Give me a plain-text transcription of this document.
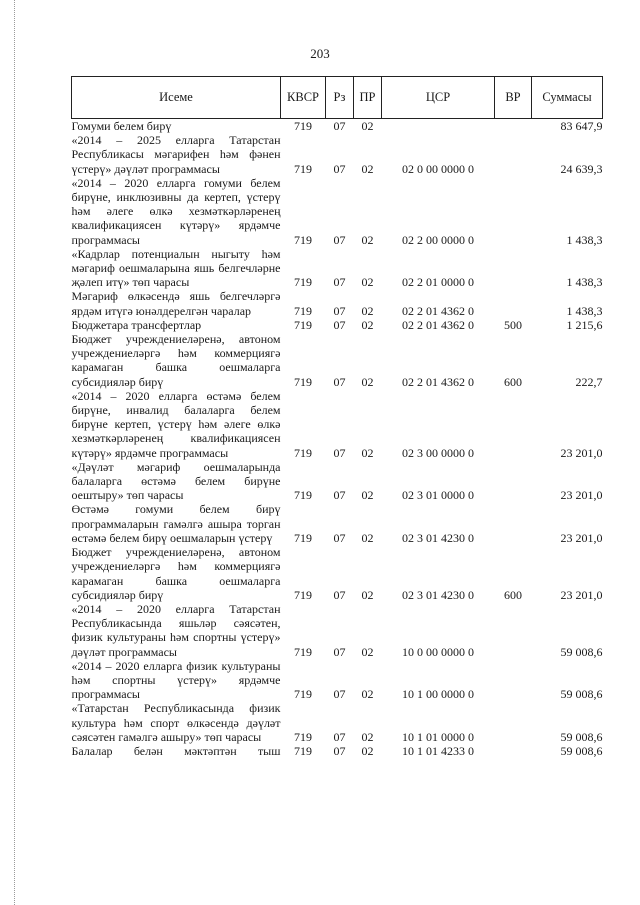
203
Исеме	КВСР	Рз	ПР	ЦСР	ВР	Суммасы
Гомуми белем бирү	719	07	02			83 647,9
«2014 – 2025 елларга Татарстан Республикасы мәгарифен һәм фәнен үстерү» дәүләт программасы	719	07	02	02 0 00 0000 0		24 639,3
«2014 – 2020 елларга гомуми белем бирүне, инклюзивны да кертеп, үстерү һәм әлеге өлкә хезмәткәрләренең квалификациясен күтәрү» ярдәмче программасы	719	07	02	02 2 00 0000 0		1 438,3
«Кадрлар потенциалын ныгыту һәм мәгариф оешмаларына яшь белгечләрне җәлеп итү» төп чарасы	719	07	02	02 2 01 0000 0		1 438,3
Мәгариф өлкәсендә яшь белгечләргә ярдәм итүгә юнәлдерелгән чаралар	719	07	02	02 2 01 4362 0		1 438,3
Бюджетара трансфертлар	719	07	02	02 2 01 4362 0	500	1 215,6
Бюджет учреждениеләренә, автоном учреждениеләргә һәм коммерциягә карамаган башка оешмаларга субсидияләр бирү	719	07	02	02 2 01 4362 0	600	222,7
«2014 – 2020 елларга өстәмә белем бирүне, инвалид балаларга белем бирүне кертеп, үстерү һәм әлеге өлкә хезмәткәрләренең квалификациясен күтәрү» ярдәмче программасы	719	07	02	02 3 00 0000 0		23 201,0
«Дәүләт мәгариф оешмаларында балаларга өстәмә белем бирүне оештыру» төп чарасы	719	07	02	02 3 01 0000 0		23 201,0
Өстәмә гомуми белем бирү программаларын гамәлгә ашыра торган өстәмә белем бирү оешмаларын үстерү	719	07	02	02 3 01 4230 0		23 201,0
Бюджет учреждениеләренә, автоном учреждениеләргә һәм коммерциягә карамаган башка оешмаларга субсидияләр бирү	719	07	02	02 3 01 4230 0	600	23 201,0
«2014 – 2020 елларга Татарстан Республикасында яшьләр сәясәтен, физик культураны һәм спортны үстерү» дәүләт программасы	719	07	02	10 0 00 0000 0		59 008,6
«2014 – 2020 елларга физик культураны һәм спортны үстерү» ярдәмче программасы	719	07	02	10 1 00 0000 0		59 008,6
«Татарстан Республикасында физик культура һәм спорт өлкәсендә дәүләт сәясәтен гамәлгә ашыру» төп чарасы	719	07	02	10 1 01 0000 0		59 008,6
Балалар белән мәктәптән тыш	719	07	02	10 1 01 4233 0		59 008,6
